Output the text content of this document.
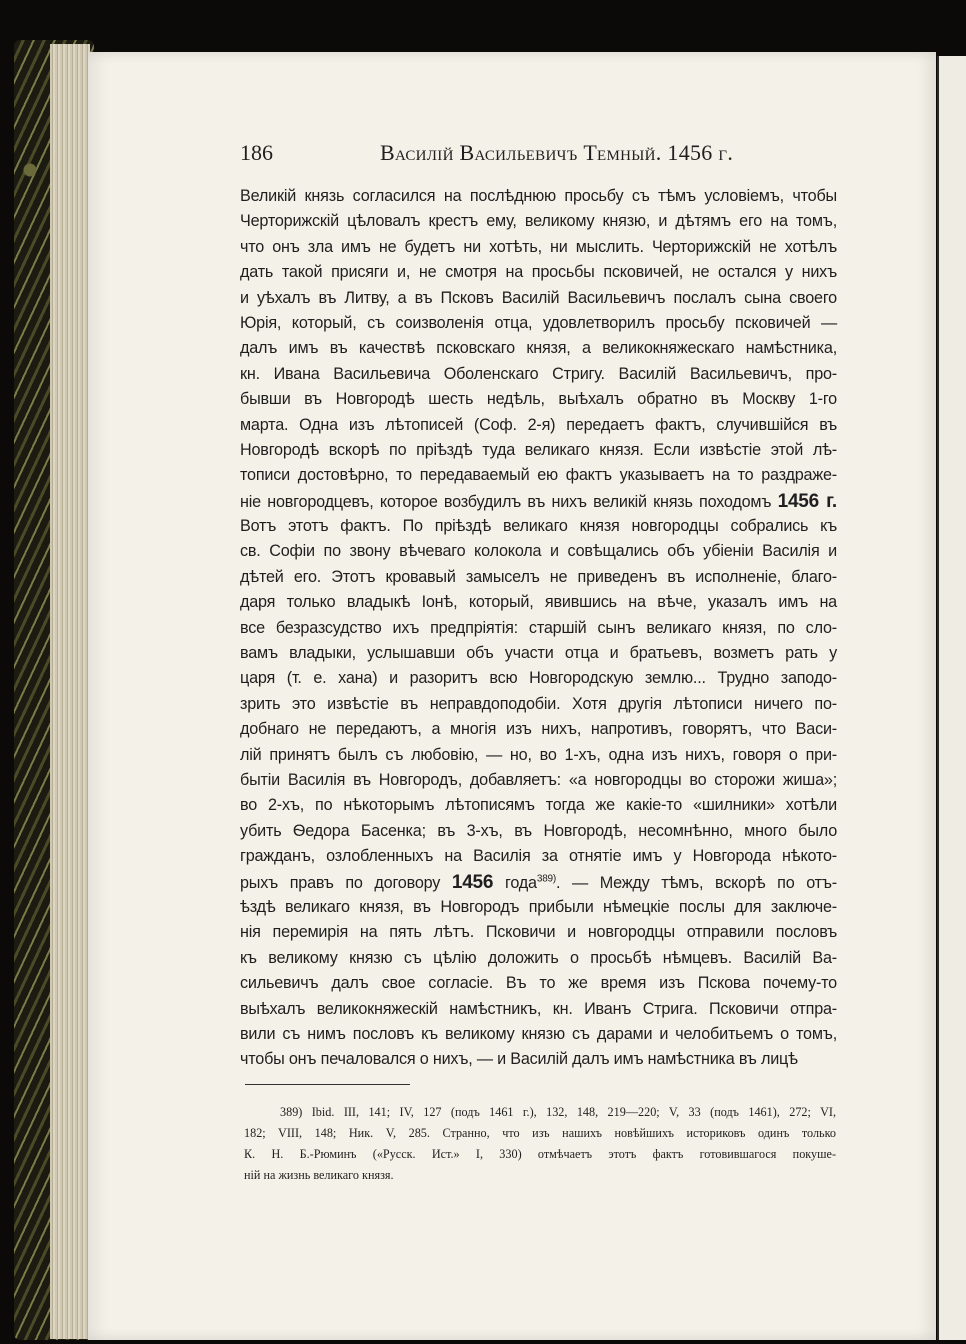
186	Василій Васильевичъ Темный. 1456 г.
Великій князь согласился на послѣднюю просьбу съ тѣмъ условіемъ, чтобы
Черторижскій цѣловалъ крестъ ему, великому князю, и дѣтямъ его на томъ,
что онъ зла имъ не будетъ ни хотѣть, ни мыслить. Черторижскій не хотѣлъ
дать такой присяги и, не смотря на просьбы псковичей, не остался у нихъ
и уѣхалъ въ Литву, а въ Псковъ Василій Васильевичъ послалъ сына своего
Юрія, который, съ соизволенія отца, удовлетворилъ просьбу псковичей —
далъ имъ въ качествѣ псковскаго князя, а великокняжескаго намѣстника,
кн. Ивана Васильевича Оболенскаго Стригу. Василій Васильевичъ, про-
бывши въ Новгородѣ шесть недѣль, выѣхалъ обратно въ Москву 1-го
марта. Одна изъ лѣтописей (Соф. 2-я) передаетъ фактъ, случившійся въ
Новгородѣ вскорѣ по пріѣздѣ туда великаго князя. Если извѣстіе этой лѣ-
тописи достовѣрно, то передаваемый ею фактъ указываетъ на то раздраже-
ніе новгородцевъ, которое возбудилъ въ нихъ великій князь походомъ 1456 г.
Вотъ этотъ фактъ. По пріѣздѣ великаго князя новгородцы собрались къ
св. Софіи по звону вѣчеваго колокола и совѣщались объ убіеніи Василія и
дѣтей его. Этотъ кровавый замыселъ не приведенъ въ исполненіе, благо-
даря только владыкѣ Іонѣ, который, явившись на вѣче, указалъ имъ на
все безразсудство ихъ предпріятія: старшій сынъ великаго князя, по сло-
вамъ владыки, услышавши объ участи отца и братьевъ, возметъ рать у
царя (т. е. хана) и разоритъ всю Новгородскую землю... Трудно заподо-
зрить это извѣстіе въ неправдоподобіи. Хотя другія лѣтописи ничего по-
добнаго не передаютъ, а многія изъ нихъ, напротивъ, говорятъ, что Васи-
лій принятъ былъ съ любовію, — но, во 1-хъ, одна изъ нихъ, говоря о при-
бытіи Василія въ Новгородъ, добавляетъ: «а новгородцы во сторожи жиша»;
во 2-хъ, по нѣкоторымъ лѣтописямъ тогда же какіе-то «шилники» хотѣли
убить Ѳедора Басенка; въ 3-хъ, въ Новгородѣ, несомнѣнно, много было
гражданъ, озлобленныхъ на Василія за отнятіе имъ у Новгорода нѣкото-
рыхъ правъ по договору 1456 года$^{389)}$. — Между тѣмъ, вскорѣ по отъ-
ѣздѣ великаго князя, въ Новгородъ прибыли нѣмецкіе послы для заключе-
нія перемирія на пять лѣтъ. Псковичи и новгородцы отправили пословъ
къ великому князю съ цѣлію доложить о просьбѣ нѣмцевъ. Василій Ва-
сильевичъ далъ свое согласіе. Въ то же время изъ Пскова почему-то
выѣхалъ великокняжескій намѣстникъ, кн. Иванъ Стрига. Псковичи отпра-
вили съ нимъ пословъ къ великому князю съ дарами и челобитьемъ о томъ,
чтобы онъ печаловался о нихъ, — и Василій далъ имъ намѣстника въ лицѣ
389) Ibid. III, 141; IV, 127 (подъ 1461 г.), 132, 148, 219—220; V, 33 (подъ 1461), 272; VI,
182; VIII, 148; Ник. V, 285. Странно, что изъ нашихъ новѣйшихъ историковъ одинъ только
К. Н. Б.-Рюминъ («Русск. Ист.» I, 330) отмѣчаетъ этотъ фактъ готовившагося покуше-
ній на жизнь великаго князя.
